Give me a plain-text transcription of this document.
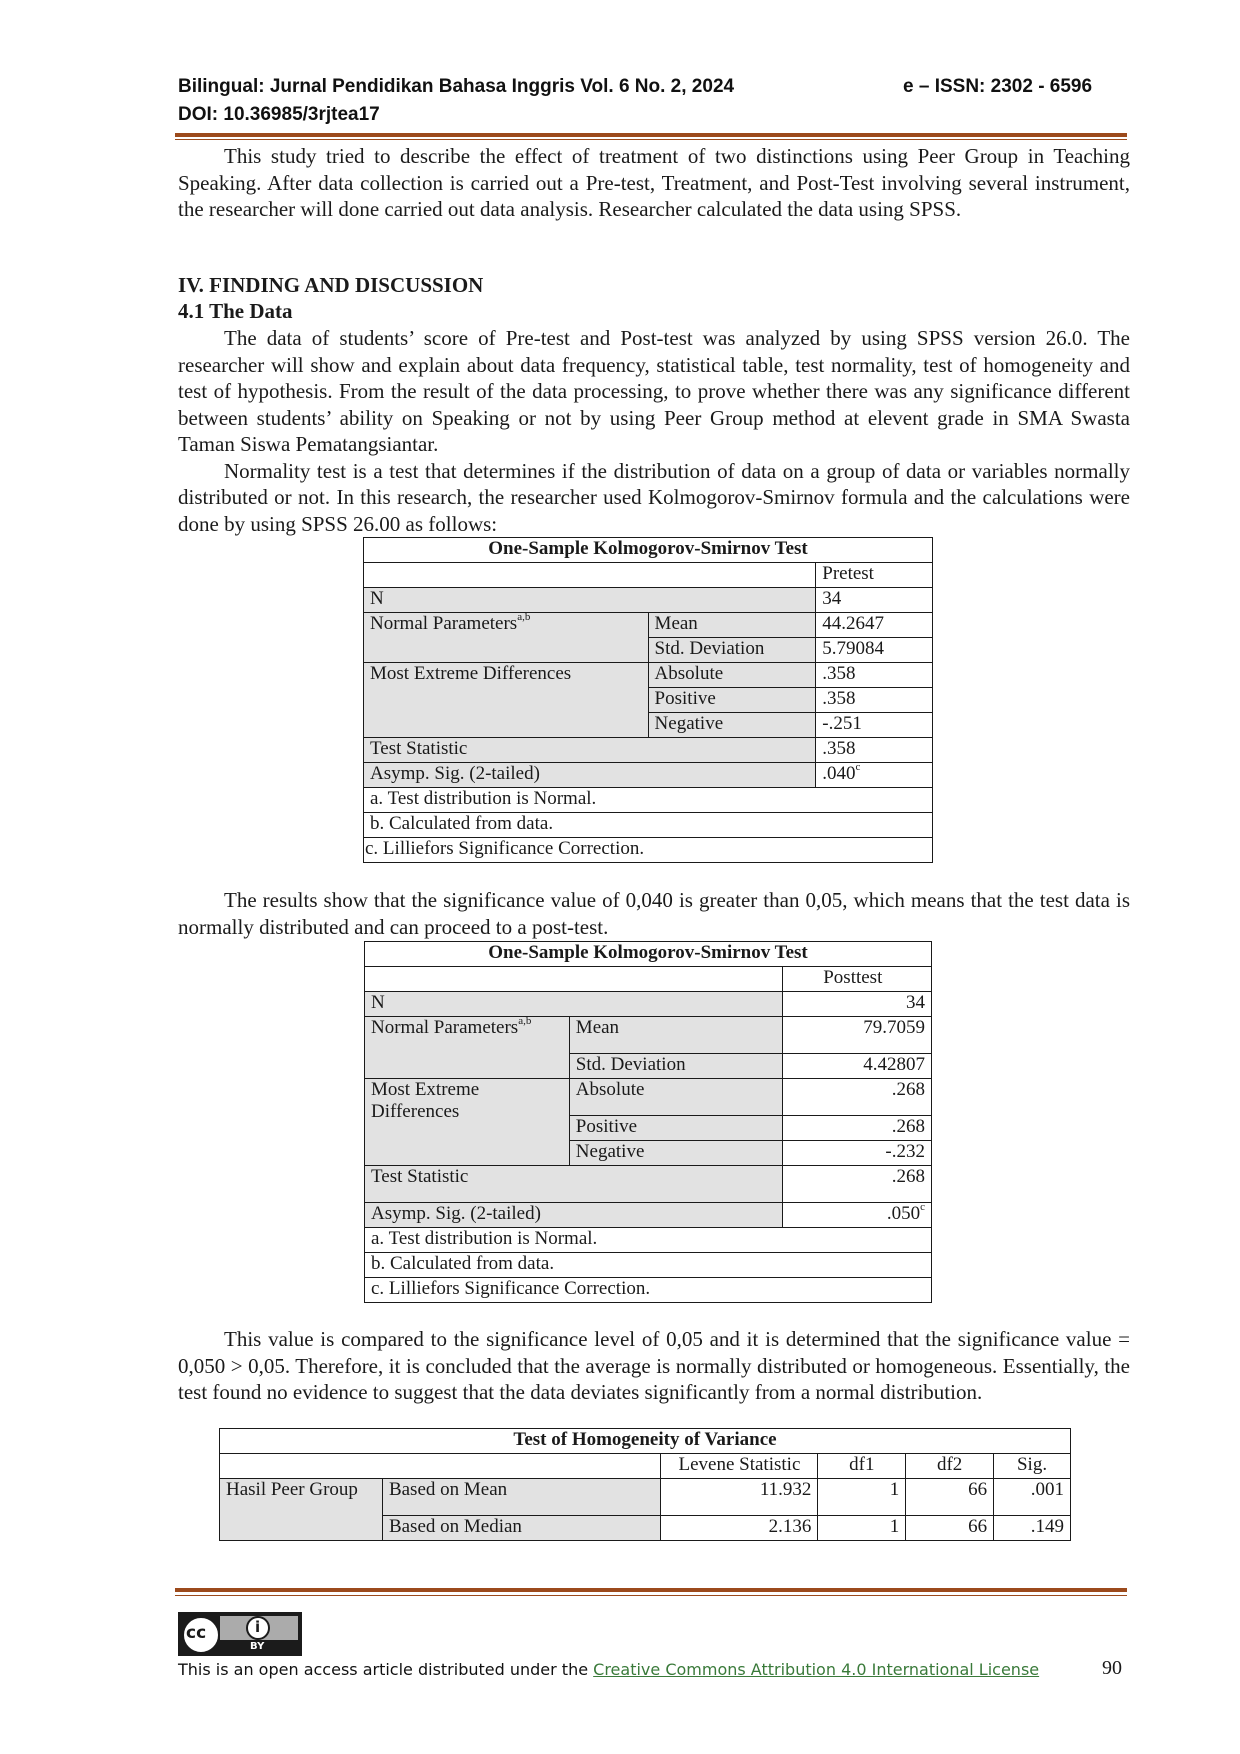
Bilingual: Jurnal Pendidikan Bahasa Inggris Vol. 6 No. 2, 2024
DOI: 10.36985/3rjtea17
e – ISSN: 2302 - 6596

This study tried to describe the effect of treatment of two distinctions using Peer Group in Teaching Speaking. After data collection is carried out a Pre-test, Treatment, and Post-Test involving several instrument, the researcher will done carried out data analysis. Researcher calculated the data using SPSS.

IV. FINDING AND DISCUSSION
4.1 The Data

The data of students’ score of Pre-test and Post-test was analyzed by using SPSS version 26.0. The researcher will show and explain about data frequency, statistical table, test normality, test of homogeneity and test of hypothesis. From the result of the data processing, to prove whether there was any significance different between students’ ability on Speaking or not by using Peer Group method at elevent grade in SMA Swasta Taman Siswa Pematangsiantar.

Normality test is a test that determines if the distribution of data on a group of data or variables normally distributed or not. In this research, the researcher used Kolmogorov-Smirnov formula and the calculations were done by using SPSS 26.00 as follows:

One-Sample Kolmogorov-Smirnov Test		
		Pretest
N		34
Normal Parameters$^{a,b}$	Mean	44.2647
	Std. Deviation	5.79084
Most Extreme Differences	Absolute	.358
	Positive	.358
	Negative	-.251
Test Statistic		.358
Asymp. Sig. (2-tailed)		.040$^c$
a. Test distribution is Normal.		
b. Calculated from data.		
c. Lilliefors Significance Correction.		

The results show that the significance value of 0,040 is greater than 0,05, which means that the test data is normally distributed and can proceed to a post-test.

One-Sample Kolmogorov-Smirnov Test		
		Posttest
N		34
Normal Parameters$^{a,b}$	Mean	79.7059
	Std. Deviation	4.42807
Most Extreme
Differences	Absolute	.268
	Positive	.268
	Negative	-.232
Test Statistic		.268
Asymp. Sig. (2-tailed)		.050$^c$
a. Test distribution is Normal.		
b. Calculated from data.		
c. Lilliefors Significance Correction.		

This value is compared to the significance level of 0,05 and it is determined that the significance value = 0,050 > 0,05. Therefore, it is concluded that the average is normally distributed or homogeneous. Essentially, the test found no evidence to suggest that the data deviates significantly from a normal distribution.

Test of Homogeneity of Variance					
		Levene Statistic	df1	df2	Sig.
Hasil Peer Group	Based on Mean	11.932	1	66	.001
	Based on Median	2.136	1	66	.149
cc	i
BY
This is an open access article distributed under the Creative Commons Attribution 4.0 International License	90
